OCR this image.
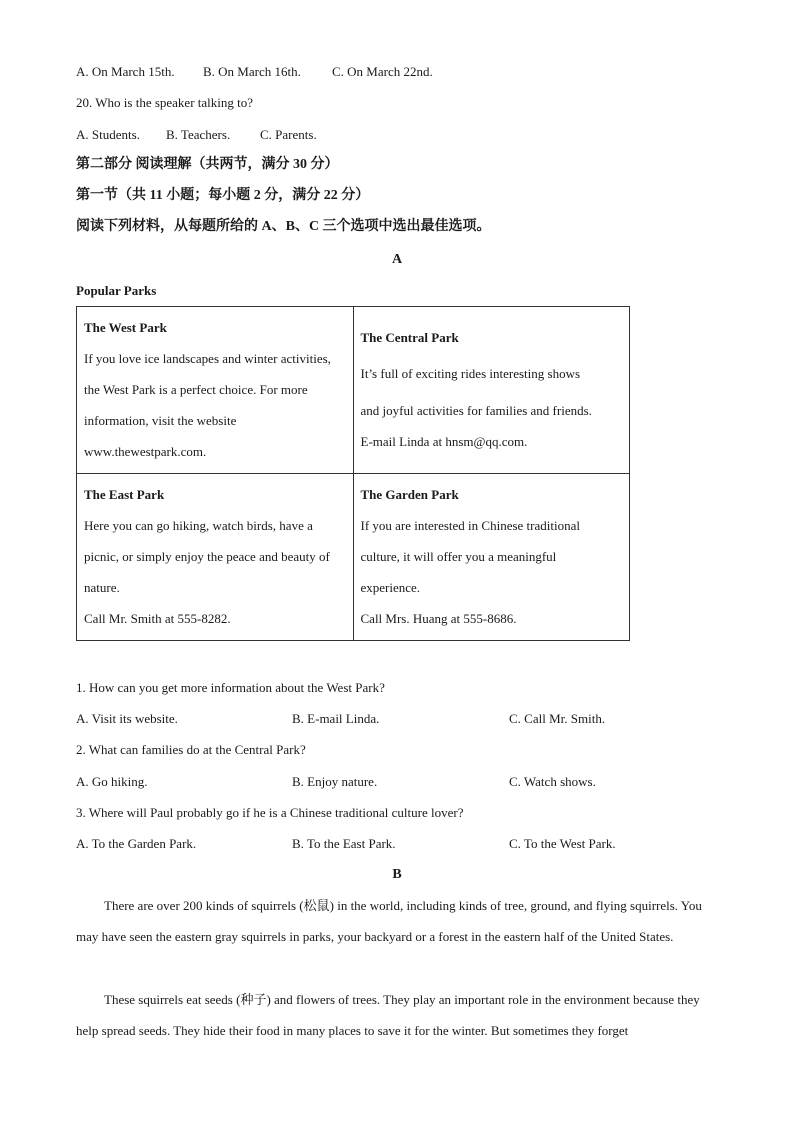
A. On March 15th. B. On March 16th. C. On March 22nd.
20. Who is the speaker talking to?
A. Students. B. Teachers. C. Parents.
第二部分 阅读理解（共两节，满分 30 分）
第一节（共 11 小题；每小题 2 分，满分 22 分）
阅读下列材料，从每题所给的 A、B、C 三个选项中选出最佳选项。
A
Popular Parks
The West Park
If you love ice landscapes and winter activities,
the West Park is a perfect choice. For more
information, visit the website
www.thewestpark.com.	The Central Park
It’s full of exciting rides interesting shows
and joyful activities for families and friends.
E-mail Linda at hnsm@qq.com.

The East Park
Here you can go hiking, watch birds, have a
picnic, or simply enjoy the peace and beauty of
nature.
Call Mr. Smith at 555-8282.	The Garden Park
If you are interested in Chinese traditional
culture, it will offer you a meaningful
experience.
Call Mrs. Huang at 555-8686.
1. How can you get more information about the West Park?
A. Visit its website.	B. E-mail Linda.	C. Call Mr. Smith.
2. What can families do at the Central Park?
A. Go hiking.	B. Enjoy nature.	C. Watch shows.
3. Where will Paul probably go if he is a Chinese traditional culture lover?
A. To the Garden Park.	B. To the East Park.	C. To the West Park.
B

There are over 200 kinds of squirrels (松鼠) in the world, including kinds of tree, ground, and flying squirrels. You may have seen the eastern gray squirrels in parks, your backyard or a forest in the eastern half of the United States.

These squirrels eat seeds (种子) and flowers of trees. They play an important role in the environment because they help spread seeds. They hide their food in many places to save it for the winter. But sometimes they forget
